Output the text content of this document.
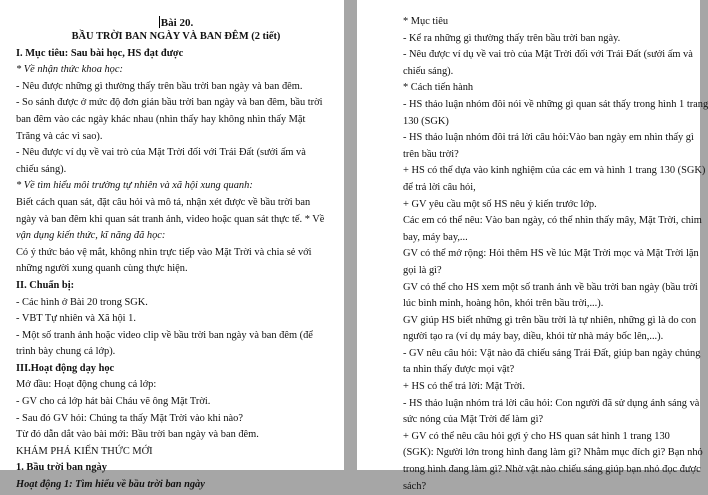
Bài 20.
BẦU TRỜI BAN NGÀY VÀ BAN ĐÊM (2 tiết)
I. Mục tiêu: Sau bài học, HS đạt được
* Về nhận thức khoa học:
- Nêu được những gì thường thấy trên bầu trời ban ngày và ban đêm.
- So sánh được ở mức độ đơn giản bầu trời ban ngày và ban đêm, bầu trời
ban đêm vào các ngày khác nhau (nhìn thấy hay không nhìn thấy Mặt
Trăng và các vì sao).
- Nêu được ví dụ về vai trò của Mặt Trời đối với Trái Đất (sưởi ấm và
chiếu sáng).
* Về tìm hiểu môi trường tự nhiên và xã hội xung quanh:
Biết cách quan sát, đặt câu hỏi và mô tả, nhận xét được về bầu trời ban
ngày và ban đêm khi quan sát tranh ảnh, video hoặc quan sát thực tế. * Về
vận dụng kiến thức, kĩ năng đã học:
Có ý thức bảo vệ mắt, không nhìn trực tiếp vào Mặt Trời và chia sẻ với
những người xung quanh cùng thực hiện.
II. Chuẩn bị:
- Các hình ở Bài 20 trong SGK.
- VBT Tự nhiên và Xã hội 1.
- Một số tranh ảnh hoặc video clip về bầu trời ban ngày và ban đêm (để
trình bày chung cả lớp).
III.Hoạt động dạy học
Mở đầu: Hoạt động chung cả lớp:
- GV cho cả lớp hát bài Cháu vẽ ông Mặt Trời.
- Sau đó GV hỏi: Chúng ta thấy Mặt Trời vào khi nào?
Từ đó dẫn dắt vào bài mới: Bầu trời ban ngày và ban đêm.
KHÁM PHÁ KIẾN THỨC MỚI
1. Bầu trời ban ngày
Hoạt động 1: Tìm hiểu về bầu trời ban ngày
* Mục tiêu
- Kể ra những gì thường thấy trên bầu trời ban ngày.
- Nêu được ví dụ về vai trò của Mặt Trời đối với Trái Đất (sưởi ấm và
chiếu sáng).
* Cách tiến hành
- HS thảo luận nhóm đôi nói về những gì quan sát thấy trong hình 1 trang
130 (SGK)
- HS thảo luận nhóm đôi trả lời câu hỏi:Vào ban ngày em nhìn thấy gì
trên bầu trời?
+ HS có thể dựa vào kinh nghiệm của các em và hình 1 trang 130 (SGK)
để trả lời câu hỏi,
+ GV yêu cầu một số HS nêu ý kiến trước lớp.
Các em có thể nêu: Vào ban ngày, có thể nhìn thấy mây, Mặt Trời, chim
bay, máy bay,...
GV có thể mở rộng: Hỏi thêm HS về lúc Mặt Trời mọc và Mặt Trời lặn
gọi là gì?
GV có thể cho HS xem một số tranh ảnh về bầu trời ban ngày (bầu trời
lúc bình minh, hoàng hôn, khói trên bầu trời,...).
GV giúp HS biết những gì trên bầu trời là tự nhiên, những gì là do con
người tạo ra (ví dụ máy bay, diều, khói từ nhà máy bốc lên,...).
- GV nêu câu hỏi: Vật nào đã chiếu sáng Trái Đất, giúp ban ngày chúng
ta nhìn thấy được mọi vật?
+ HS có thể trả lời: Mặt Trời.
- HS thảo luận nhóm trả lời câu hỏi: Con người đã sử dụng ánh sáng và
sức nóng của Mặt Trời để làm gì?
+ GV có thể nêu câu hỏi gợi ý cho HS quan sát hình 1 trang 130
(SGK): Người lớn trong hình đang làm gì? Nhằm mục đích gì? Bạn nhỏ
trong hình đang làm gì? Nhờ vật nào chiếu sáng giúp bạn nhỏ đọc được
sách?
